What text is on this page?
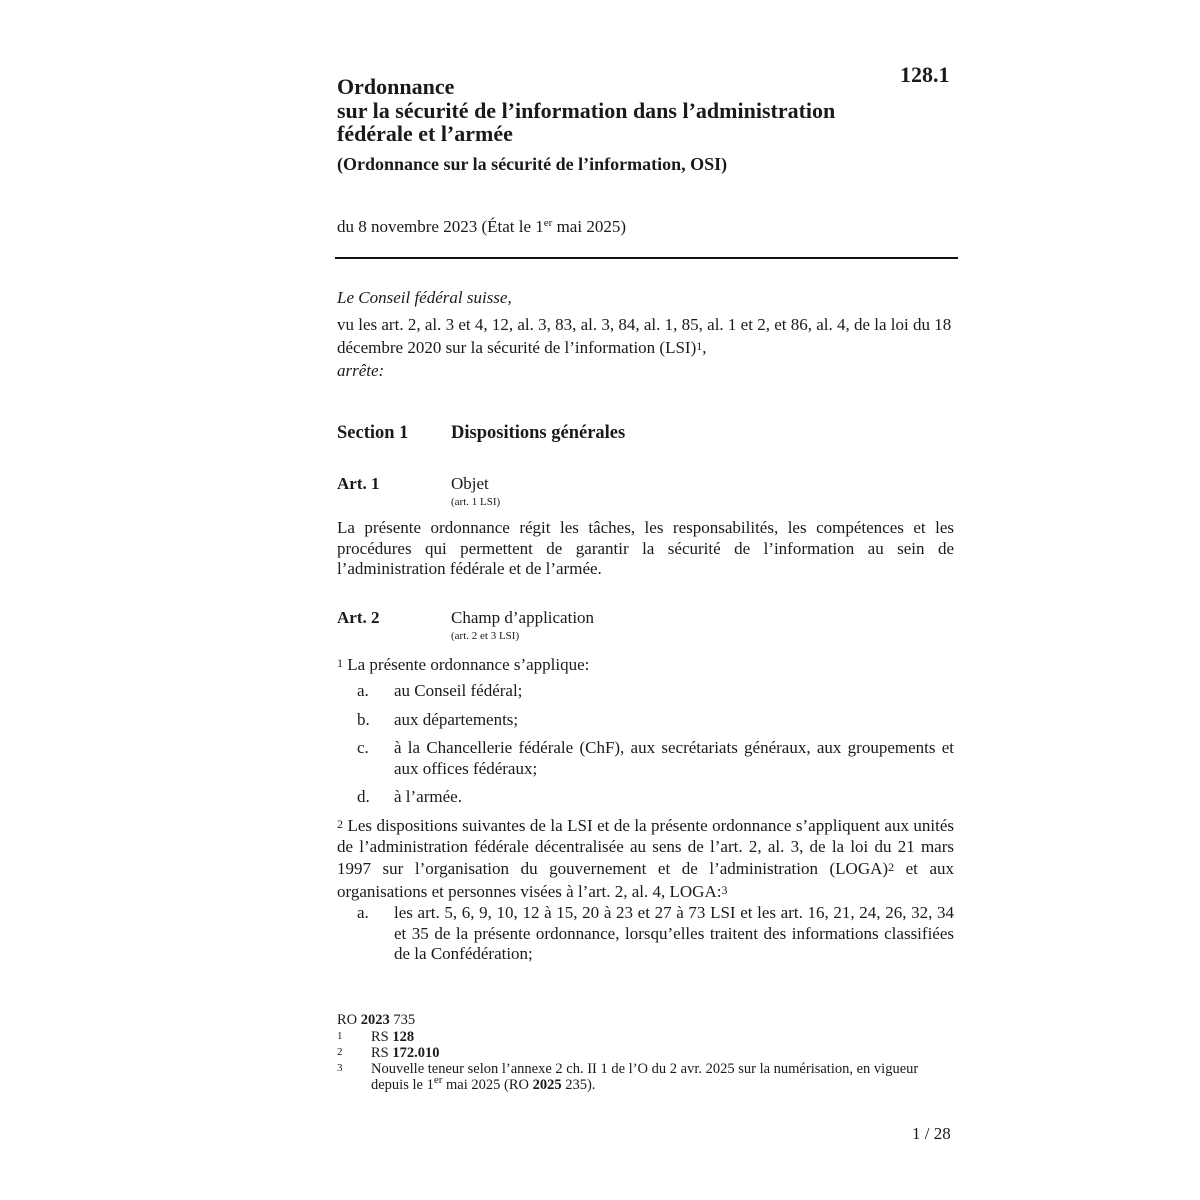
128.1
Ordonnance
sur la sécurité de l’information dans l’administration
fédérale et l’armée
(Ordonnance sur la sécurité de l’information, OSI)
du 8 novembre 2023 (État le 1er mai 2025)
Le Conseil fédéral suisse,
vu les art. 2, al. 3 et 4, 12, al. 3, 83, al. 3, 84, al. 1, 85, al. 1 et 2, et 86, al. 4, de la loi du 18 décembre 2020 sur la sécurité de l’information (LSI)1,
arrête:
Section 1 Dispositions générales
Art. 1	Objet
(art. 1 LSI)
La présente ordonnance régit les tâches, les responsabilités, les compétences et les procédures qui permettent de garantir la sécurité de l’information au sein de l’administration fédérale et de l’armée.
Art. 2	Champ d’application
(art. 2 et 3 LSI)
1 La présente ordonnance s’applique:
a. au Conseil fédéral;
b. aux départements;
c. à la Chancellerie fédérale (ChF), aux secrétariats généraux, aux groupements et aux offices fédéraux;
d. à l’armée.
2 Les dispositions suivantes de la LSI et de la présente ordonnance s’appliquent aux unités de l’administration fédérale décentralisée au sens de l’art. 2, al. 3, de la loi du 21 mars 1997 sur l’organisation du gouvernement et de l’administration (LOGA)2 et aux organisations et personnes visées à l’art. 2, al. 4, LOGA:3
a. les art. 5, 6, 9, 10, 12 à 15, 20 à 23 et 27 à 73 LSI et les art. 16, 21, 24, 26, 32, 34 et 35 de la présente ordonnance, lorsqu’elles traitent des informations classifiées de la Confédération;
RO 2023 735
1 RS 128
2 RS 172.010
3 Nouvelle teneur selon l’annexe 2 ch. II 1 de l’O du 2 avr. 2025 sur la numérisation, en vigueur depuis le 1er mai 2025 (RO 2025 235).
1 / 28
